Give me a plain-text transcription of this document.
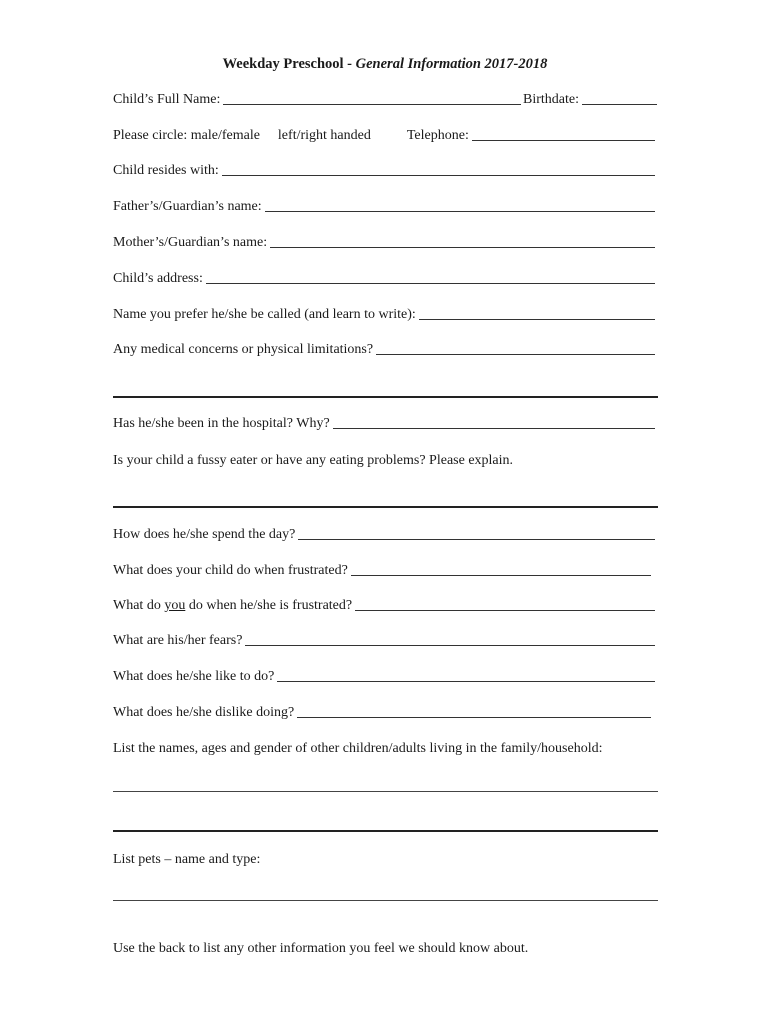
Weekday Preschool - General Information 2017-2018
Child’s Full Name:	Birthdate:
Please circle: male/female left/right handed	Telephone:
Child resides with:
Father’s/Guardian’s name:
Mother’s/Guardian’s name:
Child’s address:
Name you prefer he/she be called (and learn to write):
Any medical concerns or physical limitations?
Has he/she been in the hospital? Why?
Is your child a fussy eater or have any eating problems? Please explain.
How does he/she spend the day?
What does your child do when frustrated?
What do you do when he/she is frustrated?
What are his/her fears?
What does he/she like to do?
What does he/she dislike doing?
List the names, ages and gender of other children/adults living in the family/household:
List pets – name and type:
Use the back to list any other information you feel we should know about.
